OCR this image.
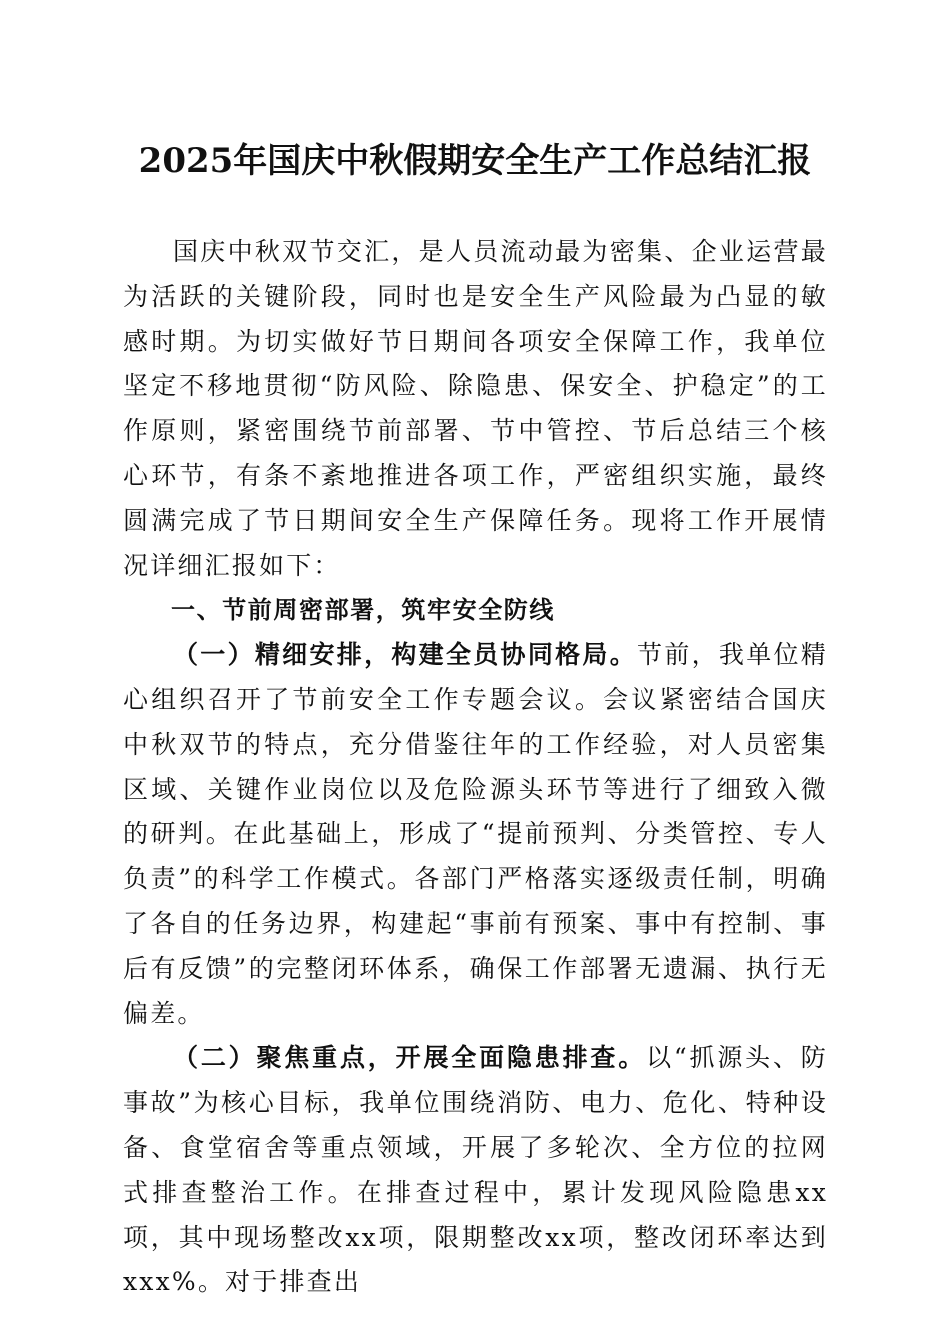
2025年国庆中秋假期安全生产工作总结汇报

国庆中秋双节交汇，是人员流动最为密集、企业运营最为活跃的关键阶段，同时也是安全生产风险最为凸显的敏感时期。为切实做好节日期间各项安全保障工作，我单位坚定不移地贯彻“防风险、除隐患、保安全、护稳定”的工作原则，紧密围绕节前部署、节中管控、节后总结三个核心环节，有条不紊地推进各项工作，严密组织实施，最终圆满完成了节日期间安全生产保障任务。现将工作开展情况详细汇报如下：

一、节前周密部署，筑牢安全防线

（一）精细安排，构建全员协同格局。节前，我单位精心组织召开了节前安全工作专题会议。会议紧密结合国庆中秋双节的特点，充分借鉴往年的工作经验，对人员密集区域、关键作业岗位以及危险源头环节等进行了细致入微的研判。在此基础上，形成了“提前预判、分类管控、专人负责”的科学工作模式。各部门严格落实逐级责任制，明确了各自的任务边界，构建起“事前有预案、事中有控制、事后有反馈”的完整闭环体系，确保工作部署无遗漏、执行无偏差。

（二）聚焦重点，开展全面隐患排查。以“抓源头、防事故”为核心目标，我单位围绕消防、电力、危化、特种设备、食堂宿舍等重点领域，开展了多轮次、全方位的拉网式排查整治工作。在排查过程中，累计发现风险隐患xx项，其中现场整改xx项，限期整改xx项，整改闭环率达到xxx%。对于排查出
